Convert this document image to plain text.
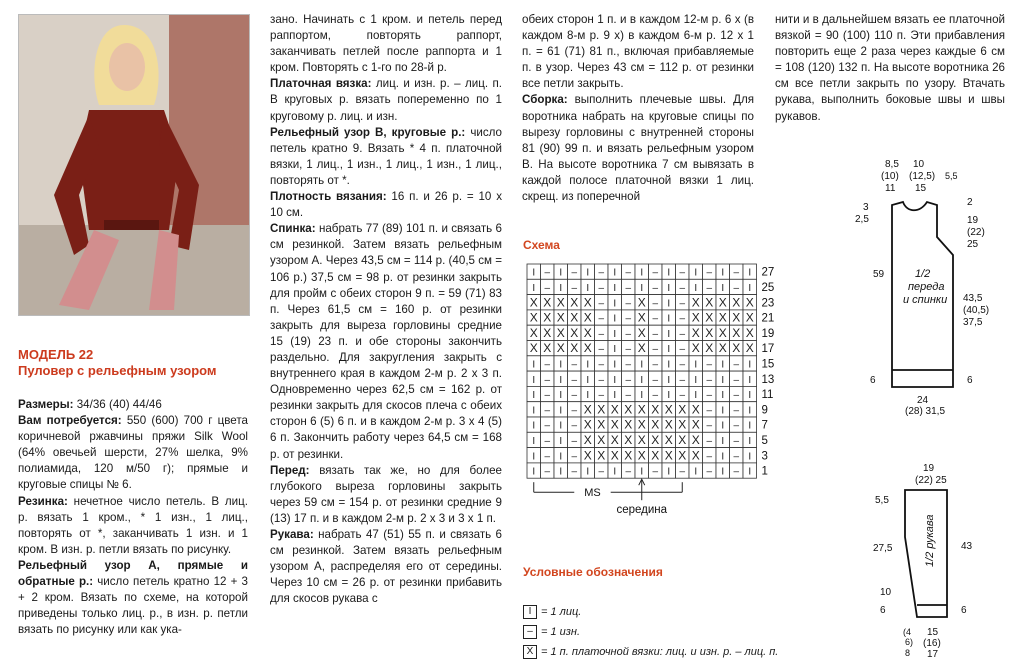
МОДЕЛЬ 22
Пуловер с рельефным узором

Размеры: 34/36 (40) 44/46

Вам потребуется: 550 (600) 700 г цвета коричневой ржавчины пряжи Silk Wool (64% овечьей шерсти, 27% шелка, 9% полиамида, 120 м/50 г); прямые и круговые спицы № 6.

Резинка: нечетное число петель. В лиц. р. вязать 1 кром., * 1 изн., 1 лиц., повторять от *, заканчивать 1 изн. и 1 кром. В изн. р. петли вязать по рисунку.

Рельефный узор А, прямые и обратные р.: число петель кратно 12 + 3 + 2 кром. Вязать по схеме, на которой приведены только лиц. р., в изн. р. петли вязать по рисунку или как ука-

зано. Начинать с 1 кром. и петель перед раппортом, повторять раппорт, заканчивать петлей после раппорта и 1 кром. Повторять с 1-го по 28-й р.

Платочная вязка: лиц. и изн. р. – лиц. п. В круговых р. вязать попеременно по 1 круговому р. лиц. и изн.

Рельефный узор В, круговые р.: число петель кратно 9. Вязать * 4 п. платочной вязки, 1 лиц., 1 изн., 1 лиц., 1 изн., 1 лиц., повторять от *.

Плотность вязания: 16 п. и 26 р. = 10 х 10 см.

Спинка: набрать 77 (89) 101 п. и связать 6 см резинкой. Затем вязать рельефным узором А. Через 43,5 см = 114 р. (40,5 см = 106 р.) 37,5 см = 98 р. от резинки закрыть для пройм с обеих сторон 9 п. = 59 (71) 83 п. Через 61,5 см = 160 р. от резинки закрыть для выреза горловины средние 15 (19) 23 п. и обе стороны закончить раздельно. Для закругления закрыть с внутреннего края в каждом 2-м р. 2 х 3 п. Одновременно через 62,5 см = 162 р. от резинки закрыть для скосов плеча с обеих сторон 6 (5) 6 п. и в каждом 2-м р. 3 х 4 (5) 6 п. Закончить работу через 64,5 см = 168 р. от резинки.

Перед: вязать так же, но для более глубокого выреза горловины закрыть через 59 см = 154 р. от резинки средние 9 (13) 17 п. и в каждом 2-м р. 2 х 3 и 3 х 1 п.

Рукава: набрать 47 (51) 55 п. и связать 6 см резинкой. Затем вязать рельефным узором А, распределяя его от середины. Через 10 см = 26 р. от резинки прибавить для скосов рукава с

обеих сторон 1 п. и в каждом 12-м р. 6 х (в каждом 8-м р. 9 х) в каждом 6-м р. 12 х 1 п. = 61 (71) 81 п., включая прибавляемые п. в узор. Через 43 см = 112 р. от резинки все петли закрыть.

Сборка: выполнить плечевые швы. Для воротника набрать на круговые спицы по вырезу горловины с внутренней стороны 81 (90) 99 п. и вязать рельефным узором В. На высоте воротника 7 см вывязать в каждой полосе платочной вязки 1 лиц. скрещ. из поперечной

нити и в дальнейшем вязать ее платочной вязкой = 90 (100) 110 п. Эти прибавления повторить еще 2 раза через каждые 6 см = 108 (120) 132 п. На высоте воротника 26 см все петли закрыть по узору. Втачать рукава, выполнить боковые швы и швы рукавов.

Схема
I – I – I – I – I – I – I – I – I 27
I – I – I – I – I – I – I – I – I 25
X X X X X – I – X – I – X X X X X 23
X X X X X – I – X – I – X X X X X 21
X X X X X – I – X – I – X X X X X 19
X X X X X – I – X – I – X X X X X 17
I – I – I – I – I – I – I – I – I 15
I – I – I – I – I – I – I – I – I 13
I – I – I – I – I – I – I – I – I 11
I – I – X X X X X X X X X – I – I 9
I – I – X X X X X X X X X – I – I 7
I – I – X X X X X X X X X – I – I 5
I – I – X X X X X X X X X – I – I 3
I – I – I – I – I – I – I – I – I 1
MS
середина
Условные обозначения
I = 1 лиц.
– = 1 изн.
X = 1 п. платочной вязки: лиц. и изн. р. – лиц. п.
8,5 10
(10) (12,5)
11 15
5,5
3
2,5
2
19
(22)
25
59
43,5
(40,5)
37,5
1/2
переда
и спинки
6	6
24
(28) 31,5
19
(22) 25
5,5
27,5
10
6
43
1/2 рукава
6
(4
6)
8
15
(16)
17
